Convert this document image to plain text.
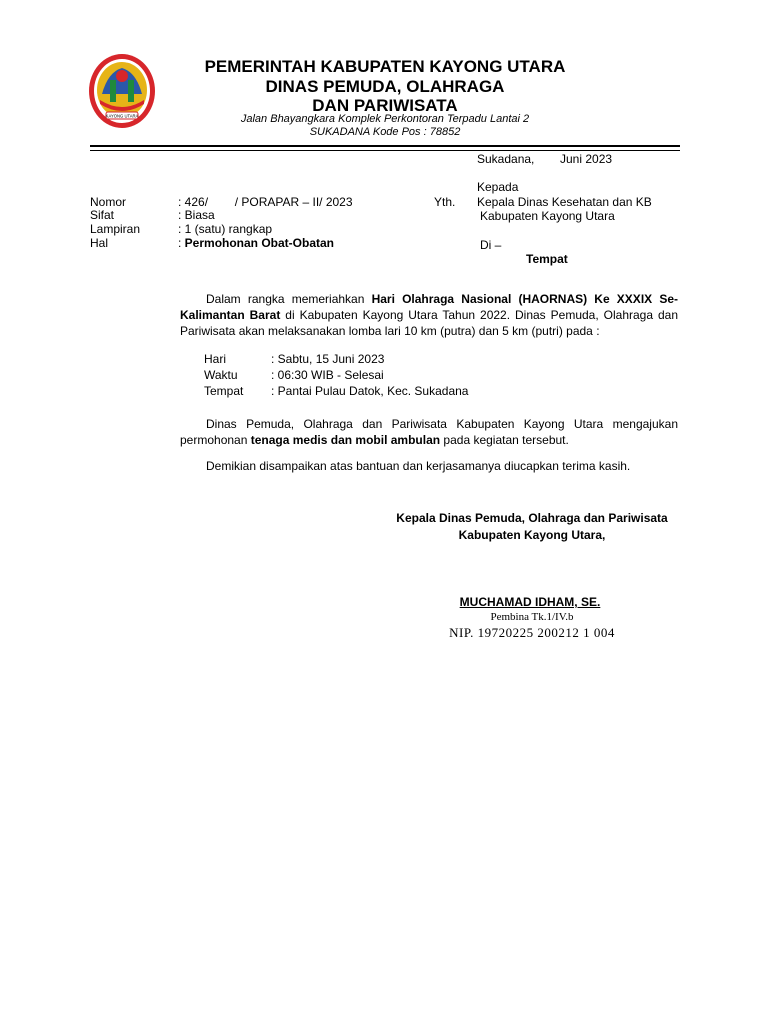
KAYONG UTARA
PEMERINTAH KABUPATEN KAYONG UTARA
DINAS PEMUDA, OLAHRAGA
DAN PARIWISATA
Jalan Bhayangkara Komplek Perkontoran Terpadu Lantai 2
SUKADANA Kode Pos : 78852
Sukadana, Juni 2023
Kepada
Yth. Kepala Dinas Kesehatan dan KB
Kabupaten Kayong Utara
Di –
Tempat
Nomor	: 426/        / PORAPAR – II/ 2023
Sifat	: Biasa
Lampiran	: 1 (satu) rangkap
Hal	: Permohonan Obat-Obatan
Dalam rangka memeriahkan Hari Olahraga Nasional (HAORNAS) Ke XXXIX Se-Kalimantan Barat di Kabupaten Kayong Utara Tahun 2022. Dinas Pemuda, Olahraga dan Pariwisata akan melaksanakan lomba lari 10 km (putra) dan 5 km (putri) pada :
Hari	: Sabtu, 15 Juni 2023
Waktu	: 06:30 WIB - Selesai
Tempat : Pantai Pulau Datok, Kec. Sukadana
Dinas Pemuda, Olahraga dan Pariwisata Kabupaten Kayong Utara mengajukan permohonan tenaga medis dan mobil ambulan pada kegiatan tersebut.
Demikian disampaikan atas bantuan dan kerjasamanya diucapkan terima kasih.
Kepala Dinas Pemuda, Olahraga dan Pariwisata
Kabupaten Kayong Utara,
MUCHAMAD IDHAM, SE.
Pembina Tk.1/IV.b
NIP. 19720225 200212 1 004
